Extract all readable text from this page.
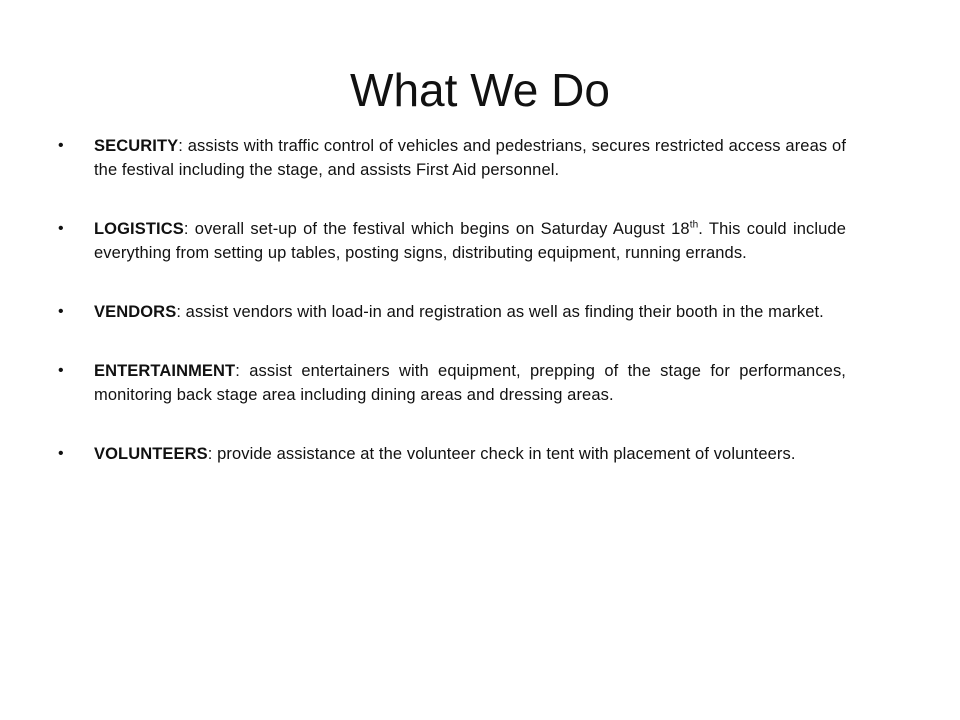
What We Do
• SECURITY: assists with traffic control of vehicles and pedestrians, secures restricted access areas of the festival including the stage, and assists First Aid personnel.
• LOGISTICS: overall set-up of the festival which begins on Saturday August 18th. This could include everything from setting up tables, posting signs, distributing equipment, running errands.
• VENDORS: assist vendors with load-in and registration as well as finding their booth in the market.
• ENTERTAINMENT: assist entertainers with equipment, prepping of the stage for performances, monitoring back stage area including dining areas and dressing areas.
• VOLUNTEERS: provide assistance at the volunteer check in tent with placement of volunteers.
